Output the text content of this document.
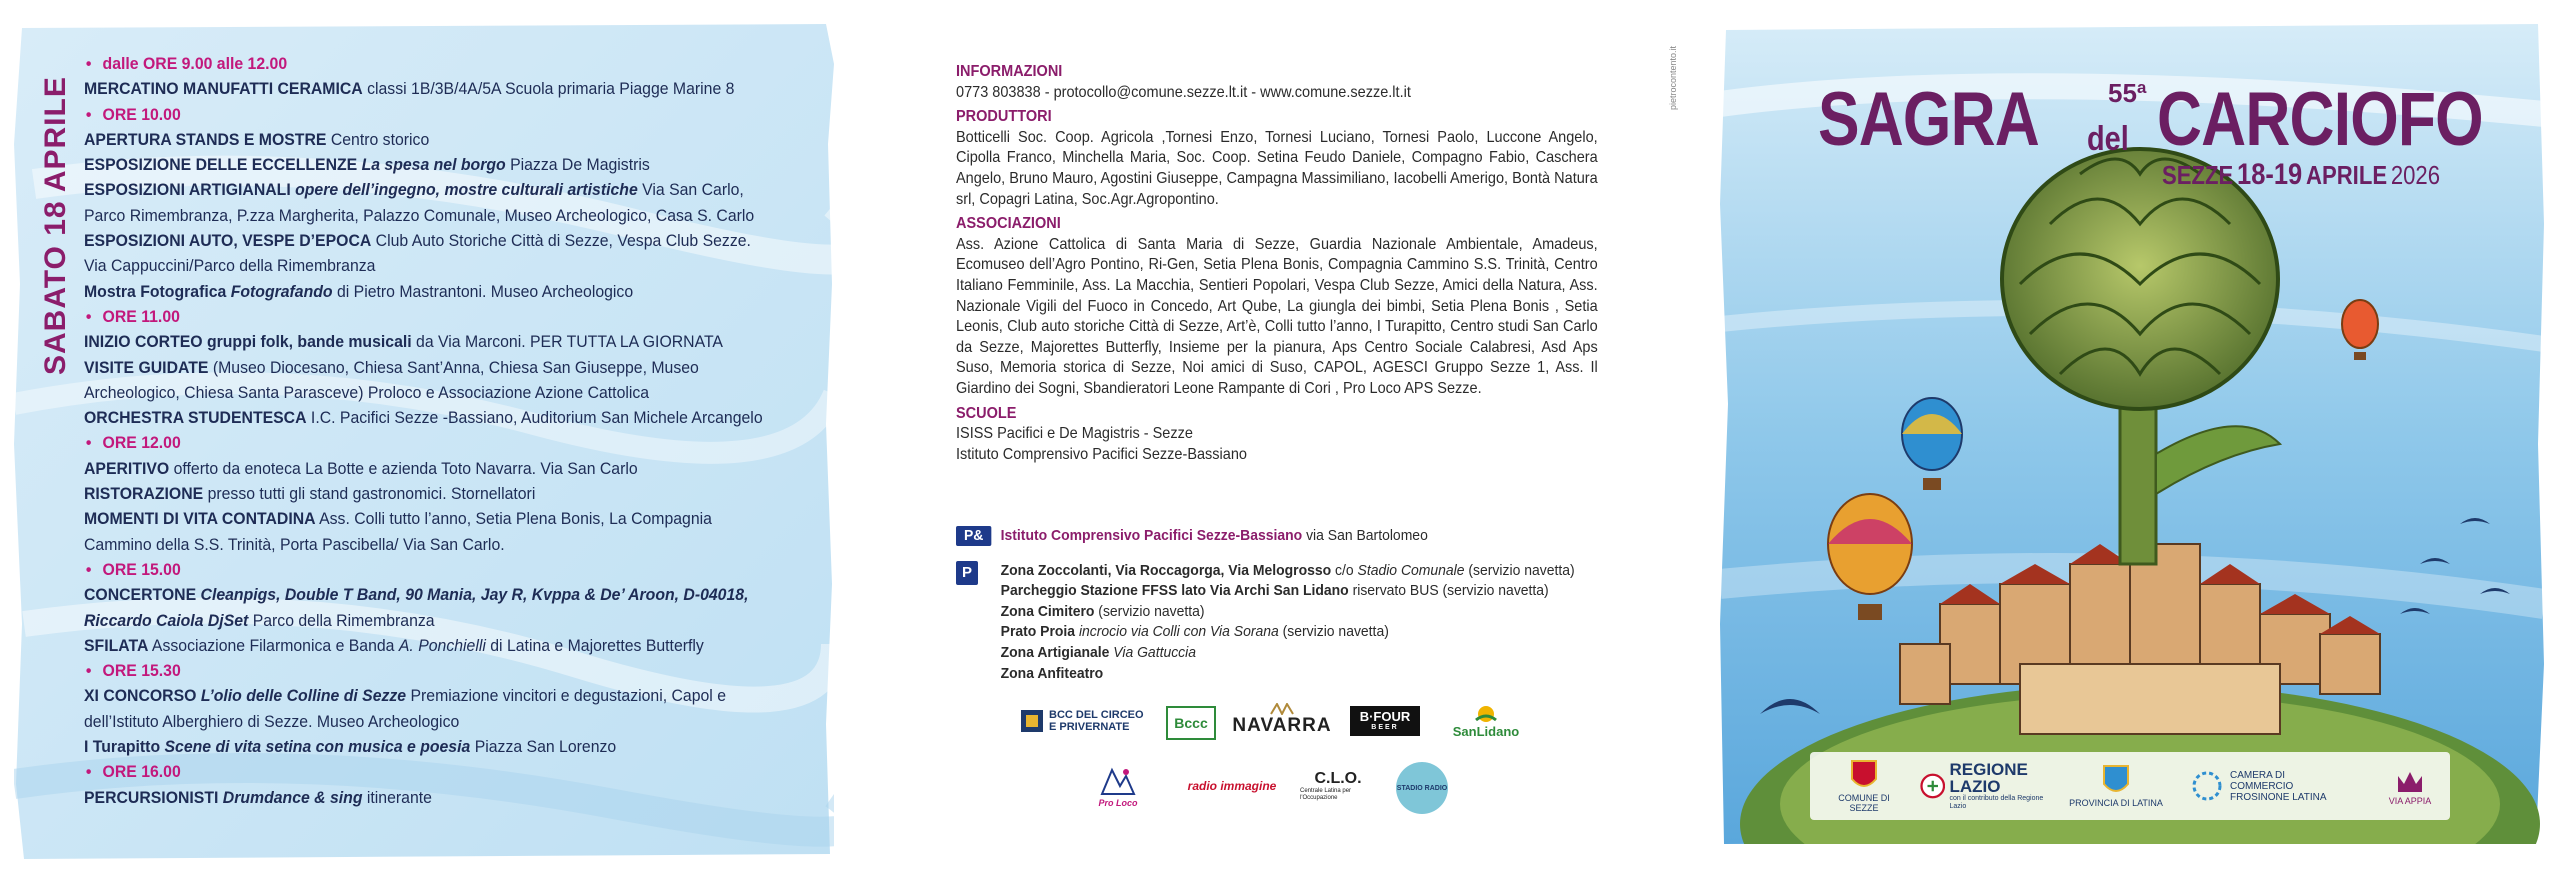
SABATO 18 APRILE
• dalle ORE 9.00 alle 12.00
MERCATINO MANUFATTI CERAMICA classi 1B/3B/4A/5A Scuola primaria Piagge Marine 8
• ORE 10.00
APERTURA STANDS E MOSTRE Centro storico
ESPOSIZIONE DELLE ECCELLENZE La spesa nel borgo Piazza De Magistris
ESPOSIZIONI ARTIGIANALI opere dell’ingegno, mostre culturali artistiche Via San Carlo,
Parco Rimembranza, P.zza Margherita, Palazzo Comunale, Museo Archeologico, Casa S. Carlo
ESPOSIZIONI AUTO, VESPE D’EPOCA Club Auto Storiche Città di Sezze, Vespa Club Sezze.
Via Cappuccini/Parco della Rimembranza
Mostra Fotografica Fotografando di Pietro Mastrantoni. Museo Archeologico
• ORE 11.00
INIZIO CORTEO gruppi folk, bande musicali da Via Marconi. PER TUTTA LA GIORNATA
VISITE GUIDATE (Museo Diocesano, Chiesa Sant’Anna, Chiesa San Giuseppe, Museo
Archeologico, Chiesa Santa Parasceve) Proloco e Associazione Azione Cattolica
ORCHESTRA STUDENTESCA I.C. Pacifici Sezze -Bassiano, Auditorium San Michele Arcangelo
• ORE 12.00
APERITIVO offerto da enoteca La Botte e azienda Toto Navarra. Via San Carlo
RISTORAZIONE presso tutti gli stand gastronomici. Stornellatori
MOMENTI DI VITA CONTADINA Ass. Colli tutto l’anno, Setia Plena Bonis, La Compagnia
Cammino della S.S. Trinità, Porta Pascibella/ Via San Carlo.
• ORE 15.00
CONCERTONE Cleanpigs, Double T Band, 90 Mania, Jay R, Kvppa & De’ Aroon, D-04018,
Riccardo Caiola DjSet Parco della Rimembranza
SFILATA Associazione Filarmonica e Banda A. Ponchielli di Latina e Majorettes Butterfly
• ORE 15.30
XI CONCORSO L’olio delle Colline di Sezze Premiazione vincitori e degustazioni, Capol e
dell’Istituto Alberghiero di Sezze. Museo Archeologico
I Turapitto Scene di vita setina con musica e poesia Piazza San Lorenzo
• ORE 16.00
PERCURSIONISTI Drumdance & sing itinerante
INFORMAZIONI
0773 803838 - protocollo@comune.sezze.lt.it - www.comune.sezze.lt.it
PRODUTTORI
Botticelli Soc. Coop. Agricola ,Tornesi Enzo, Tornesi Luciano, Tornesi Paolo, Luccone Angelo, Cipolla Franco, Minchella Maria, Soc. Coop. Setina Feudo Daniele, Compagno Fabio, Caschera Angelo, Bruno Mauro, Agostini Giuseppe, Campagna Massimiliano, Iacobelli Amerigo, Bontà Natura srl, Copagri Latina, Soc.Agr.Agropontino.
ASSOCIAZIONI
Ass. Azione Cattolica di Santa Maria di Sezze, Guardia Nazionale Ambientale, Amadeus, Ecomuseo dell’Agro Pontino, Ri-Gen, Setia Plena Bonis, Compagnia Cammino S.S. Trinità, Centro Italiano Femminile, Ass. La Macchia, Sentieri Popolari, Vespa Club Sezze, Amici della Natura, Ass. Nazionale Vigili del Fuoco in Concedo, Art Qube, La giungla dei bimbi, Setia Plena Bonis , Setia Leonis, Club auto storiche Città di Sezze, Art’è, Colli tutto l’anno, I Turapitto, Centro studi San Carlo da Sezze, Majorettes Butterfly, Insieme per la pianura, Aps Centro Sociale Calabresi, Asd Aps Suso, Memoria storica di Sezze, Noi amici di Suso, CAPOL, AGESCI Gruppo Sezze 1, Ass. Il Giardino dei Sogni, Sbandieratori Leone Rampante di Cori , Pro Loco APS Sezze.
SCUOLE
ISISS Pacifici e De Magistris - Sezze
Istituto Comprensivo Pacifici Sezze-Bassiano
P&	Istituto Comprensivo Pacifici Sezze-Bassiano via San Bartolomeo
P	Zona Zoccolanti, Via Roccagorga, Via Melogrosso c/o Stadio Comunale (servizio navetta)
Parcheggio Stazione FFSS lato Via Archi San Lidano riservato BUS (servizio navetta)
Zona Cimitero (servizio navetta)
Prato Proia incrocio via Colli con Via Sorana (servizio navetta)
Zona Artigianale Via Gattuccia
Zona Anfiteatro
BCC DEL CIRCEO E PRIVERNATE	Bccc	NAVARRA B·FOUR
BEER	SanLidano
Pro Loco
radio immagine	C.L.O.
Centrale Latina per l'Occupazione
STADIO RADIO
pietrocontento.it SAGRA	55ª
del CARCIOFO
SEZZE 18-19 APRILE 2026
COMUNE DI SEZZE
REGIONE LAZIO
con il contributo della Regione Lazio	PROVINCIA DI LATINA
CAMERA DI COMMERCIO FROSINONE LATINA	VIA APPIA
